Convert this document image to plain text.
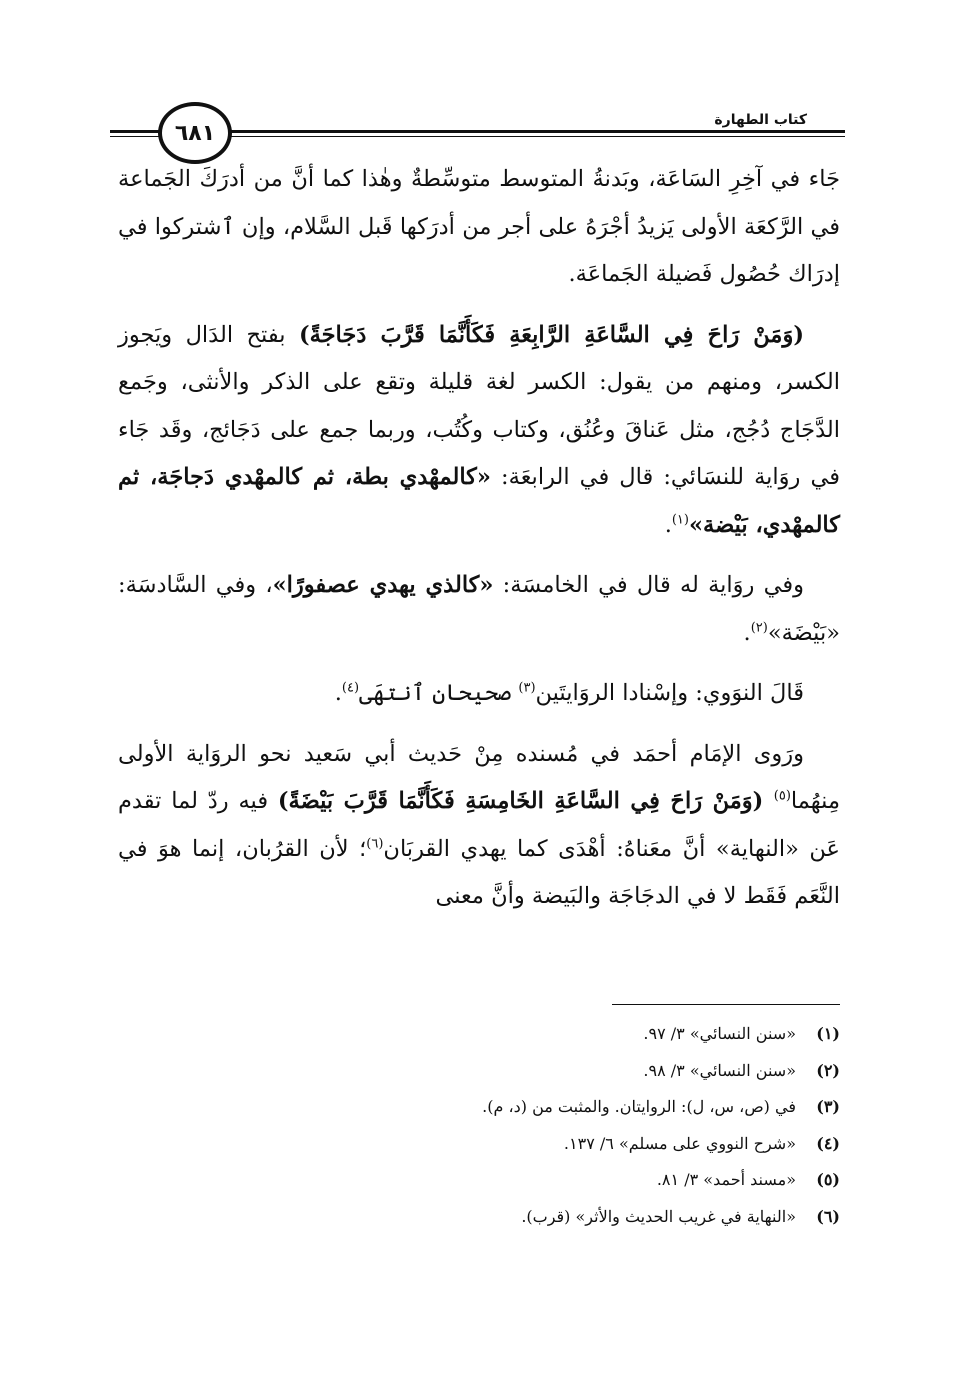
كتاب الطهارة
٦٨١

جَاء في آخِرِ السَاعَة، وبَدنةُ المتوسط متوسِّطةٌ وهٰذا كما أنَّ من أدرَكَ الجَماعة في الرَّكعَة الأولى يَزيدُ أجْرَهُ على أجر من أدرَكها قَبل السَّلام، وإن ٱشتركوا في إدرَاك حُصُول فَضيلة الجَماعَة.

(وَمَنْ رَاحَ فِي السَّاعَةِ الرَّابِعَةِ فَكَأَنَّمَا قَرَّبَ دَجَاجَةً) بفتح الدَال ويَجوز الكسر، ومنهم من يقول: الكسر لغة قليلة وتقع على الذكر والأنثى، وجَمع الدَّجَاج دُجُج، مثل عَناقَ وعُنُق، وكتاب وكُتُب، وربما جمع على دَجَائج، وقَد جَاء في روَاية للنسَائي: قال في الرابعَة: «كالمهْدي بطة، ثم كالمهْدي دَجاجَة، ثم كالمهْدي، بَيْضة»$^{(١)}$.

وفي روَاية له قال في الخامسَة: «كالذي يهدي عصفورًا»، وفي السَّادسَة: «بَيْضَة»$^{(٢)}$.

قَالَ النوَوي: وإسْنادا الروَايتَين$^{(٣)}$ صحيحان ٱنتهَى$^{(٤)}$.

ورَوى الإمَام أحمَد في مُسنده مِنْ حَديث أبي سَعيد نحو الروَاية الأولى مِنهُما$^{(٥)}$ (وَمَنْ رَاحَ فِي السَّاعَةِ الخَامِسَةِ فَكَأَنَّمَا قَرَّبَ بَيْضَةً) فيه ردّ لما تقدم عَن «النهاية» أنَّ معَناهُ: أهْدَى كما يهدي القربَان$^{(٦)}$؛ لأن القرُبان، إنما هوَ في النَّعَم فَقَط لا في الدجَاجَة والبَيضة وأنَّ معنى

(١)
«سنن النسائي» ٣/ ٩٧.
(٢)
«سنن النسائي» ٣/ ٩٨.
(٣)
في (ص، س، ل): الروايتان. والمثبت من (د، م).
(٤)
«شرح النووي على مسلم» ٦/ ١٣٧.
(٥)
«مسند أحمد» ٣/ ٨١.
(٦)
«النهاية في غريب الحديث والأثر» (قرب).
